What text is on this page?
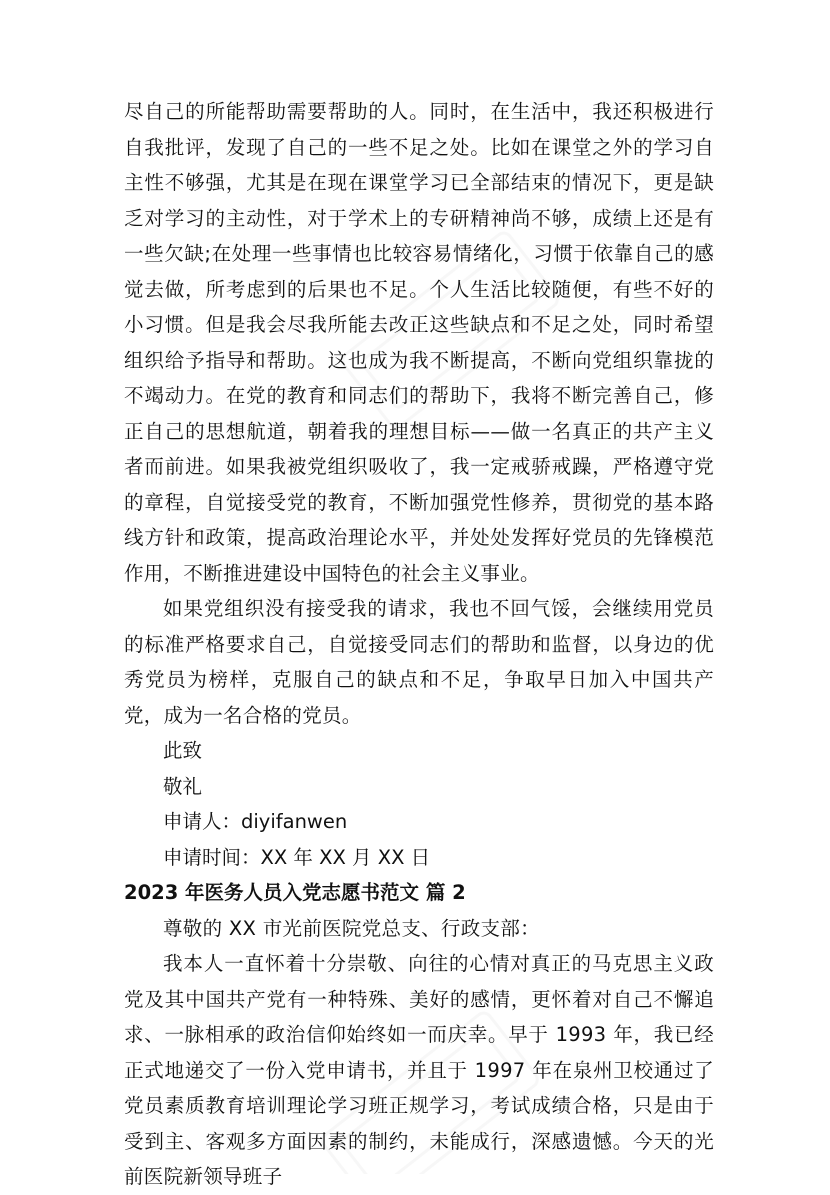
尽自己的所能帮助需要帮助的人。同时，在生活中，我还积极进行自我批评，发现了自己的一些不足之处。比如在课堂之外的学习自主性不够强，尤其是在现在课堂学习已全部结束的情况下，更是缺乏对学习的主动性，对于学术上的专研精神尚不够，成绩上还是有一些欠缺;在处理一些事情也比较容易情绪化，习惯于依靠自己的感觉去做，所考虑到的后果也不足。个人生活比较随便，有些不好的小习惯。但是我会尽我所能去改正这些缺点和不足之处，同时希望组织给予指导和帮助。这也成为我不断提高，不断向党组织靠拢的不竭动力。在党的教育和同志们的帮助下，我将不断完善自己，修正自己的思想航道，朝着我的理想目标——做一名真正的共产主义者而前进。如果我被党组织吸收了，我一定戒骄戒躁，严格遵守党的章程，自觉接受党的教育，不断加强党性修养，贯彻党的基本路线方针和政策，提高政治理论水平，并处处发挥好党员的先锋模范作用，不断推进建设中国特色的社会主义事业。

如果党组织没有接受我的请求，我也不回气馁，会继续用党员的标准严格要求自己，自觉接受同志们的帮助和监督，以身边的优秀党员为榜样，克服自己的缺点和不足，争取早日加入中国共产党，成为一名合格的党员。

此致

敬礼

申请人：diyifanwen

申请时间：XX 年 XX 月 XX 日

2023 年医务人员入党志愿书范文 篇 2

尊敬的 XX 市光前医院党总支、行政支部：

我本人一直怀着十分崇敬、向往的心情对真正的马克思主义政党及其中国共产党有一种特殊、美好的感情，更怀着对自己不懈追求、一脉相承的政治信仰始终如一而庆幸。早于 1993 年，我已经正式地递交了一份入党申请书，并且于 1997 年在泉州卫校通过了党员素质教育培训理论学习班正规学习，考试成绩合格，只是由于受到主、客观多方面因素的制约，未能成行，深感遗憾。今天的光前医院新领导班子
